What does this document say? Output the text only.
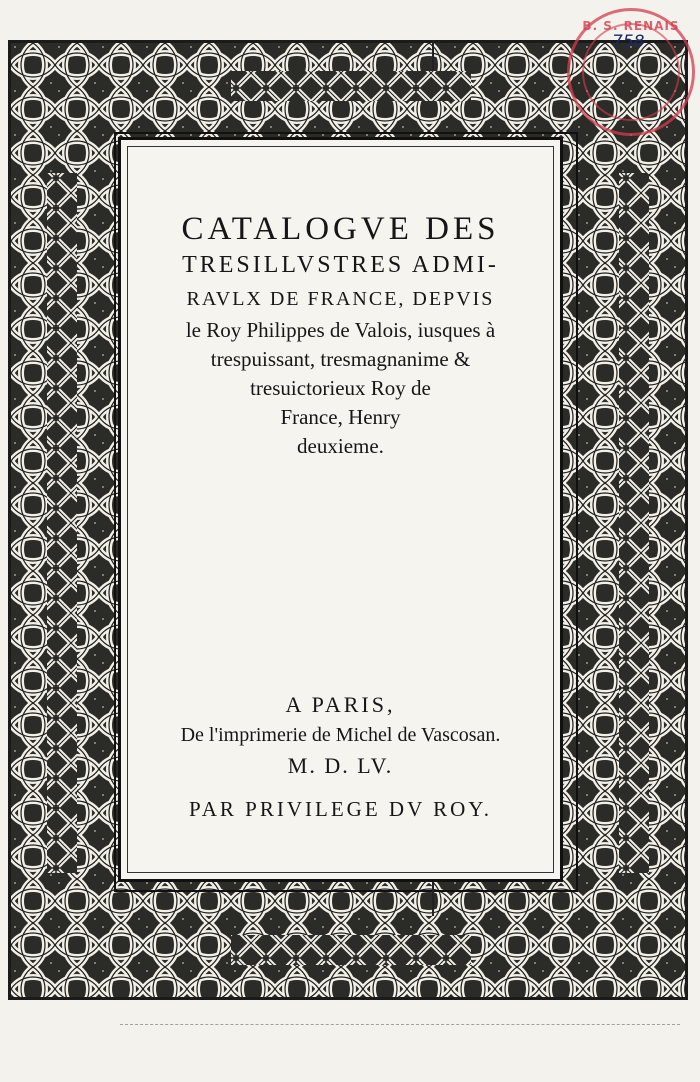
CATALOGVE DES

TRESILLVSTRES ADMI-

RAVLX DE FRANCE, DEPVIS

le Roy Philippes de Valois, iusques à

trespuissant, tresmagnanime &

tresuictorieux Roy de

France, Henry

deuxieme.

A PARIS,

De l'imprimerie de Michel de Vascosan.

M. D. LV.

PAR PRIVILEGE DV ROY.

B. S. RENAIS
758
